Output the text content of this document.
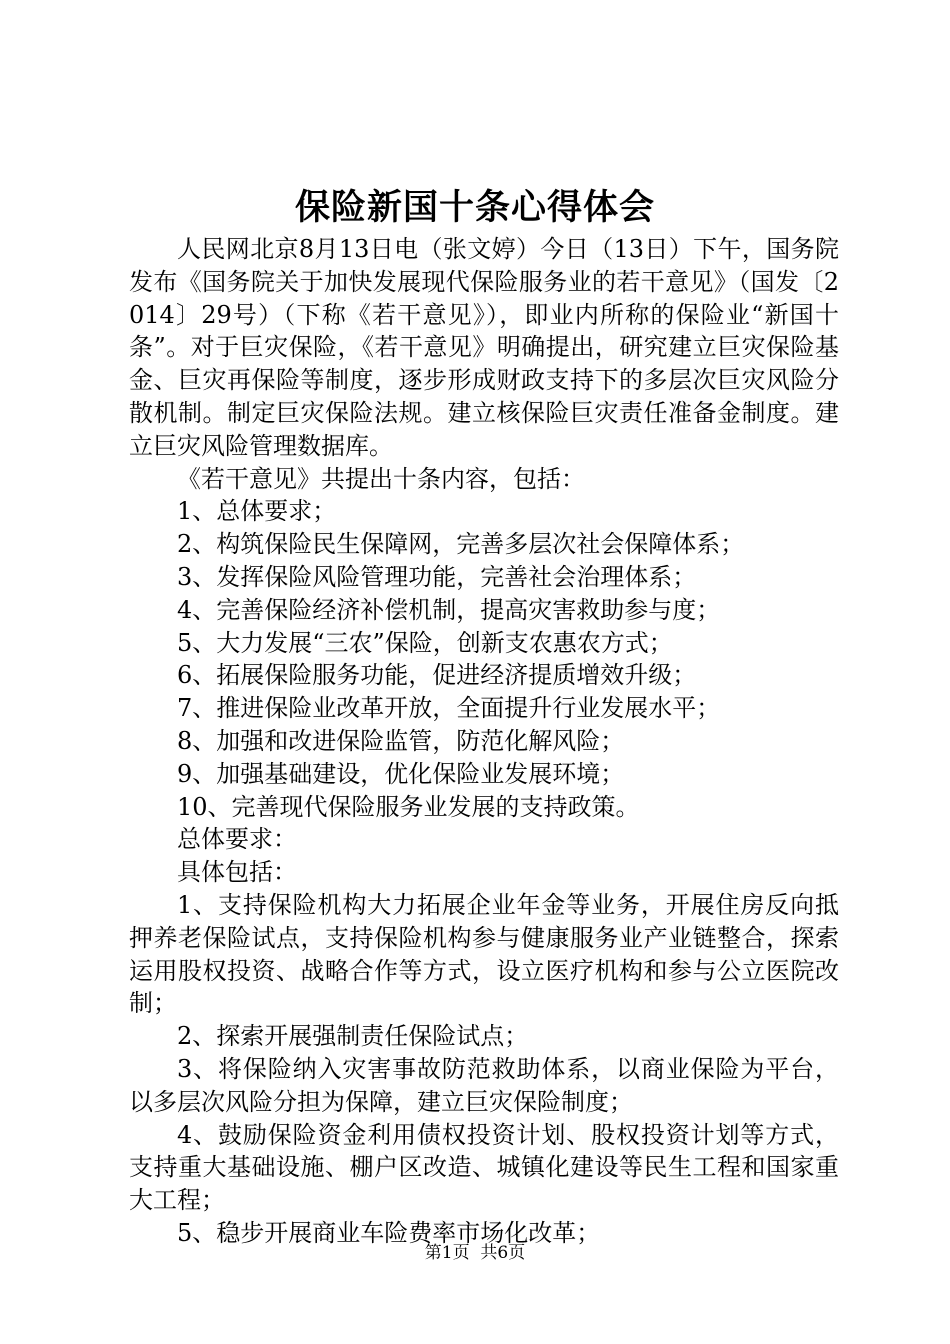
保险新国十条心得体会

人民网北京8月13日电（张文婷）今日（13日）下午，国务院发布《国务院关于加快发展现代保险服务业的若干意见》（国发〔2014〕29号）（下称《若干意见》），即业内所称的保险业“新国十条”。对于巨灾保险，《若干意见》明确提出，研究建立巨灾保险基金、巨灾再保险等制度，逐步形成财政支持下的多层次巨灾风险分散机制。制定巨灾保险法规。建立核保险巨灾责任准备金制度。建立巨灾风险管理数据库。

《若干意见》共提出十条内容，包括：

1、总体要求；

2、构筑保险民生保障网，完善多层次社会保障体系；

3、发挥保险风险管理功能，完善社会治理体系；

4、完善保险经济补偿机制，提高灾害救助参与度；

5、大力发展“三农”保险，创新支农惠农方式；

6、拓展保险服务功能，促进经济提质增效升级；

7、推进保险业改革开放，全面提升行业发展水平；

8、加强和改进保险监管，防范化解风险；

9、加强基础建设，优化保险业发展环境；

10、完善现代保险服务业发展的支持政策。

总体要求：

具体包括：

1、支持保险机构大力拓展企业年金等业务，开展住房反向抵押养老保险试点，支持保险机构参与健康服务业产业链整合，探索运用股权投资、战略合作等方式，设立医疗机构和参与公立医院改制；

2、探索开展强制责任保险试点；

3、将保险纳入灾害事故防范救助体系，以商业保险为平台，以多层次风险分担为保障，建立巨灾保险制度；

4、鼓励保险资金利用债权投资计划、股权投资计划等方式，支持重大基础设施、棚户区改造、城镇化建设等民生工程和国家重大工程；

5、稳步开展商业车险费率市场化改革；

第1页 共6页
